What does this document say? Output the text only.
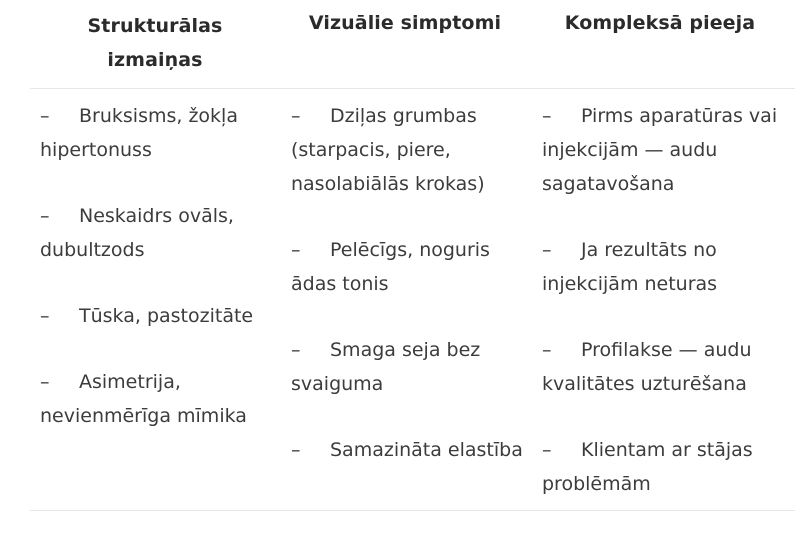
Strukturālas izmaiņas
Vizuālie simptomi	Kompleksā pieeja
– Bruksisms, žokļa hipertonuss
– Neskaidrs ovāls, dubultzods
– Tūska, pastozitāte
– Asimetrija, nevienmērīga mīmika
– Dziļas grumbas (starpacis, piere, nasolabiālās krokas)
– Pelēcīgs, noguris ādas tonis
– Smaga seja bez svaiguma
– Samazināta elastība
– Pirms aparatūras vai injekcijām — audu sagatavošana
– Ja rezultāts no injekcijām neturas
– Profilakse — audu kvalitātes uzturēšana
– Klientam ar stājas problēmām
